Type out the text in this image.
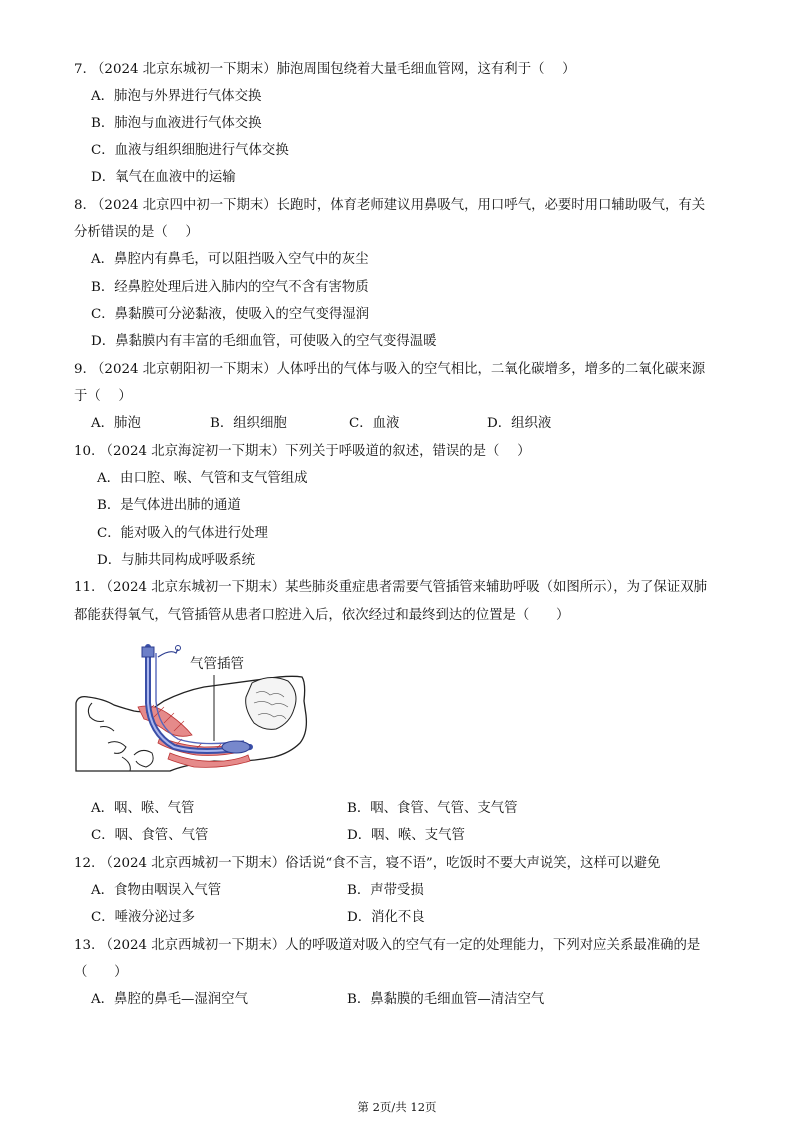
7. （2024 北京东城初一下期末）肺泡周围包绕着大量毛细血管网，这有利于（　 ）
A．肺泡与外界进行气体交换
B．肺泡与血液进行气体交换
C．血液与组织细胞进行气体交换
D．氧气在血液中的运输
8. （2024 北京四中初一下期末）长跑时，体育老师建议用鼻吸气，用口呼气，必要时用口辅助吸气，有关
分析错误的是（　 ）
A．鼻腔内有鼻毛，可以阻挡吸入空气中的灰尘
B．经鼻腔处理后进入肺内的空气不含有害物质
C．鼻黏膜可分泌黏液，使吸入的空气变得湿润
D．鼻黏膜内有丰富的毛细血管，可使吸入的空气变得温暖
9. （2024 北京朝阳初一下期末）人体呼出的气体与吸入的空气相比，二氧化碳增多，增多的二氧化碳来源
于（　 ）
A．肺泡	B．组织细胞	C．血液	D．组织液
10. （2024 北京海淀初一下期末）下列关于呼吸道的叙述，错误的是（　 ）
A．由口腔、喉、气管和支气管组成
B．是气体进出肺的通道
C．能对吸入的气体进行处理
D．与肺共同构成呼吸系统
11. （2024 北京东城初一下期末）某些肺炎重症患者需要气管插管来辅助呼吸（如图所示），为了保证双肺
都能获得氧气，气管插管从患者口腔进入后，依次经过和最终到达的位置是（　　）
气管插管
A．咽、喉、气管	B．咽、食管、气管、支气管
C．咽、食管、气管	D．咽、喉、支气管
12. （2024 北京西城初一下期末）俗话说“食不言，寝不语”，吃饭时不要大声说笑，这样可以避免
A．食物由咽误入气管	B．声带受损
C．唾液分泌过多	D．消化不良
13. （2024 北京西城初一下期末）人的呼吸道对吸入的空气有一定的处理能力，下列对应关系最准确的是
（　　）
A．鼻腔的鼻毛—湿润空气	B．鼻黏膜的毛细血管—清洁空气
第 2页/共 12页
